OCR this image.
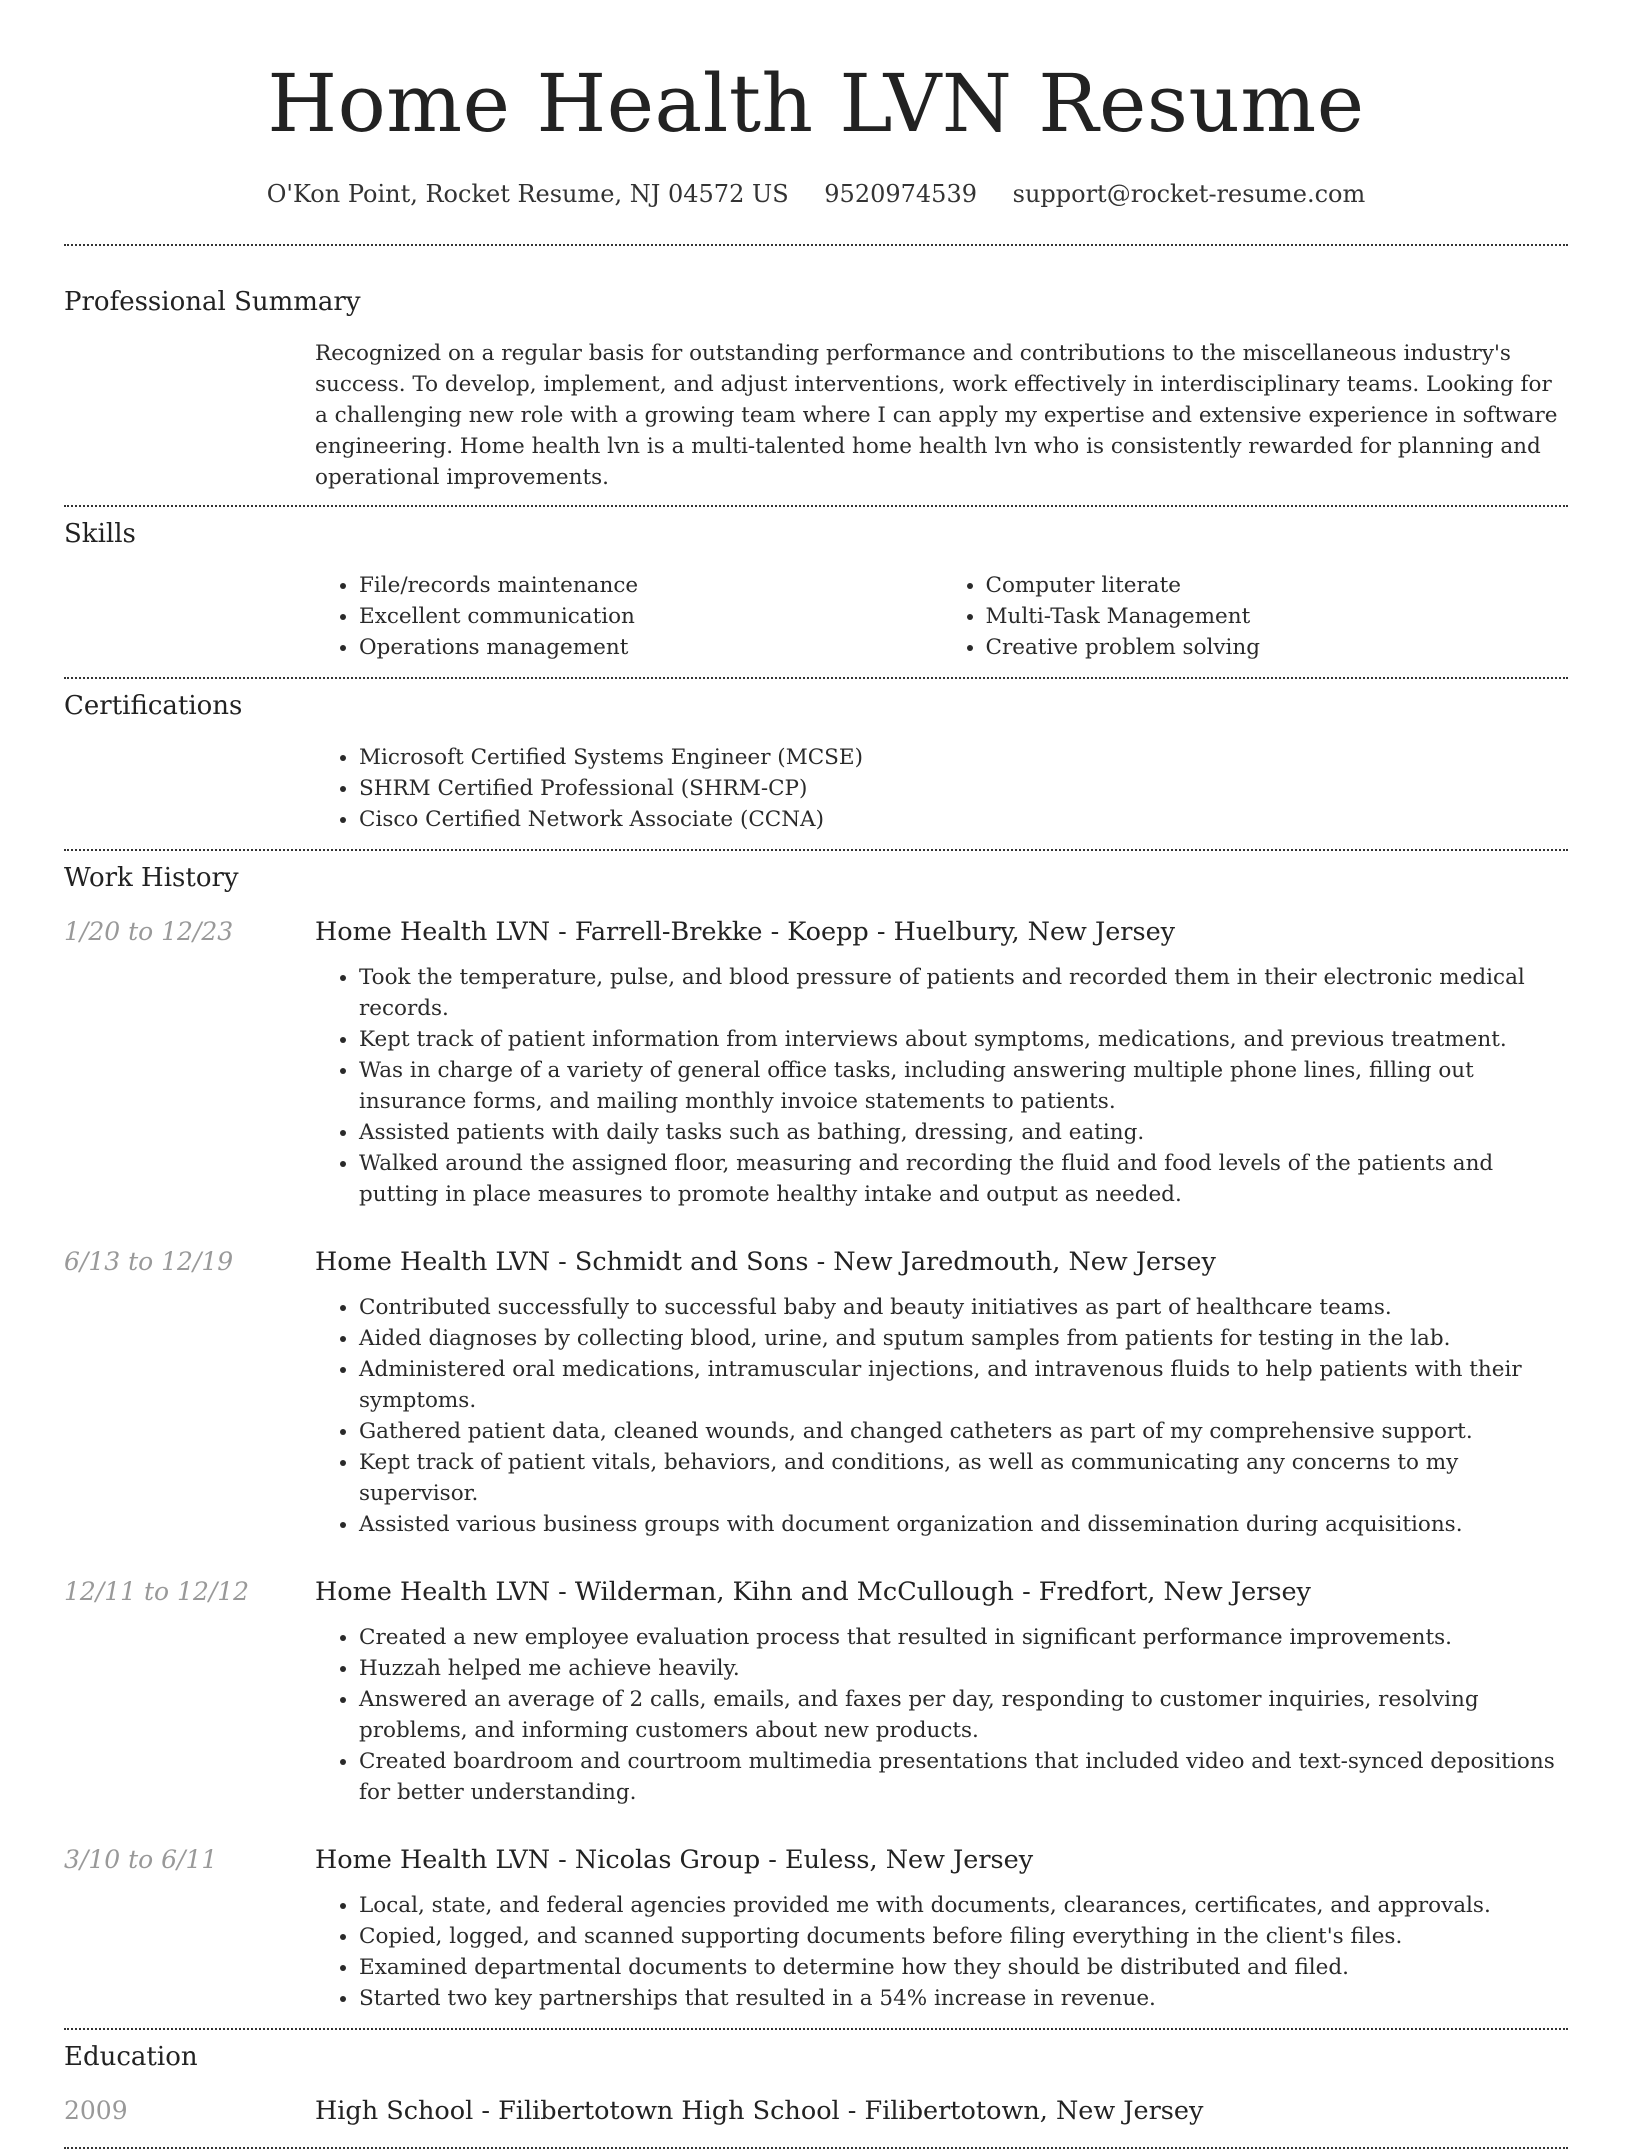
Home Health LVN Resume
O'Kon Point, Rocket Resume, NJ 04572 US 9520974539 support@rocket-resume.com
Professional Summary
Recognized on a regular basis for outstanding performance and contributions to the miscellaneous industry's success. To develop, implement, and adjust interventions, work effectively in interdisciplinary teams. Looking for a challenging new role with a growing team where I can apply my expertise and extensive experience in software engineering. Home health lvn is a multi-talented home health lvn who is consistently rewarded for planning and operational improvements.
Skills
• File/records maintenance
• Excellent communication
• Operations management
• Computer literate
• Multi-Task Management
• Creative problem solving
Certifications
• Microsoft Certified Systems Engineer (MCSE)
• SHRM Certified Professional (SHRM-CP)
• Cisco Certified Network Associate (CCNA)
Work History
1/20 to 12/23	Home Health LVN - Farrell-Brekke - Koepp - Huelbury, New Jersey
• Took the temperature, pulse, and blood pressure of patients and recorded them in their electronic medical records.
• Kept track of patient information from interviews about symptoms, medications, and previous treatment.
• Was in charge of a variety of general office tasks, including answering multiple phone lines, filling out insurance forms, and mailing monthly invoice statements to patients.
• Assisted patients with daily tasks such as bathing, dressing, and eating.
• Walked around the assigned floor, measuring and recording the fluid and food levels of the patients and putting in place measures to promote healthy intake and output as needed.
6/13 to 12/19	Home Health LVN - Schmidt and Sons - New Jaredmouth, New Jersey
• Contributed successfully to successful baby and beauty initiatives as part of healthcare teams.
• Aided diagnoses by collecting blood, urine, and sputum samples from patients for testing in the lab.
• Administered oral medications, intramuscular injections, and intravenous fluids to help patients with their symptoms.
• Gathered patient data, cleaned wounds, and changed catheters as part of my comprehensive support.
• Kept track of patient vitals, behaviors, and conditions, as well as communicating any concerns to my supervisor.
• Assisted various business groups with document organization and dissemination during acquisitions.
12/11 to 12/12	Home Health LVN - Wilderman, Kihn and McCullough - Fredfort, New Jersey
• Created a new employee evaluation process that resulted in significant performance improvements.
• Huzzah helped me achieve heavily.
• Answered an average of 2 calls, emails, and faxes per day, responding to customer inquiries, resolving problems, and informing customers about new products.
• Created boardroom and courtroom multimedia presentations that included video and text-synced depositions for better understanding.
3/10 to 6/11	Home Health LVN - Nicolas Group - Euless, New Jersey
• Local, state, and federal agencies provided me with documents, clearances, certificates, and approvals.
• Copied, logged, and scanned supporting documents before filing everything in the client's files.
• Examined departmental documents to determine how they should be distributed and filed.
• Started two key partnerships that resulted in a 54% increase in revenue.
Education
2009	High School - Filibertotown High School - Filibertotown, New Jersey
